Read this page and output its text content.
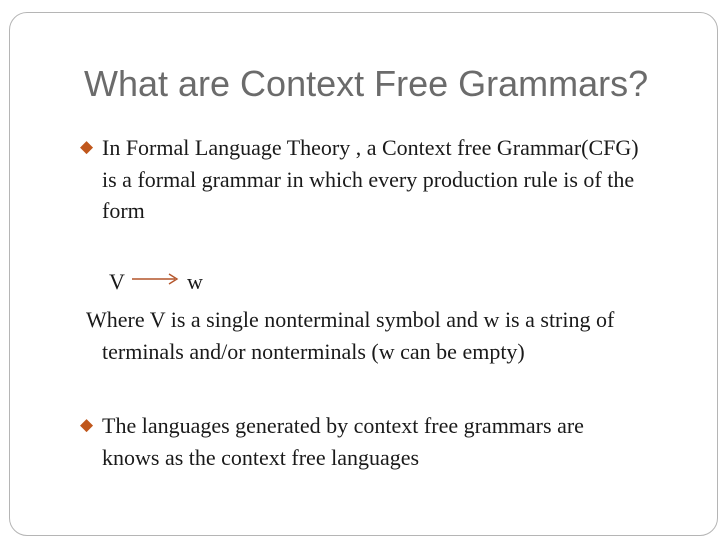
What are Context Free Grammars?
◆ In Formal Language Theory , a Context free Grammar(CFG)
is a formal grammar in which every production rule is of the
form
V	w
Where V is a single nonterminal symbol and w is a string of
terminals and/or nonterminals (w can be empty)
◆ The languages generated by context free grammars are
knows as the context free languages
